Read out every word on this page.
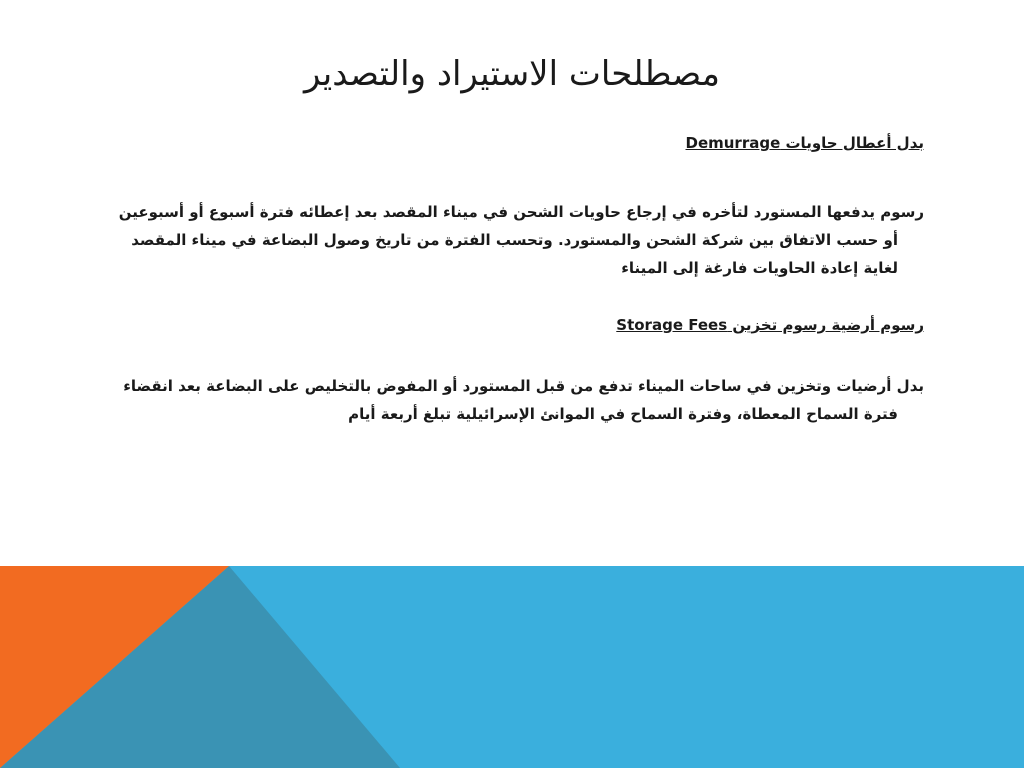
مصطلحات الاستيراد والتصدير

بدل أعطال حاويات Demurrage

رسوم يدفعها المستورد لتأخره في إرجاع حاويات الشحن في ميناء المقصد بعد إعطائه فترة أسبوع أو أسبوعين أو حسب الاتفاق بين شركة الشحن والمستورد. وتحسب الفترة من تاريخ وصول البضاعة في ميناء المقصد لغاية إعادة الحاويات فارغة إلى الميناء

رسوم أرضية رسوم تخزين Storage Fees

بدل أرضيات وتخزين في ساحات الميناء تدفع من قبل المستورد أو المفوض بالتخليص على البضاعة بعد انقضاء فترة السماح المعطاة، وفترة السماح في الموانئ الإسرائيلية تبلغ أربعة أيام
